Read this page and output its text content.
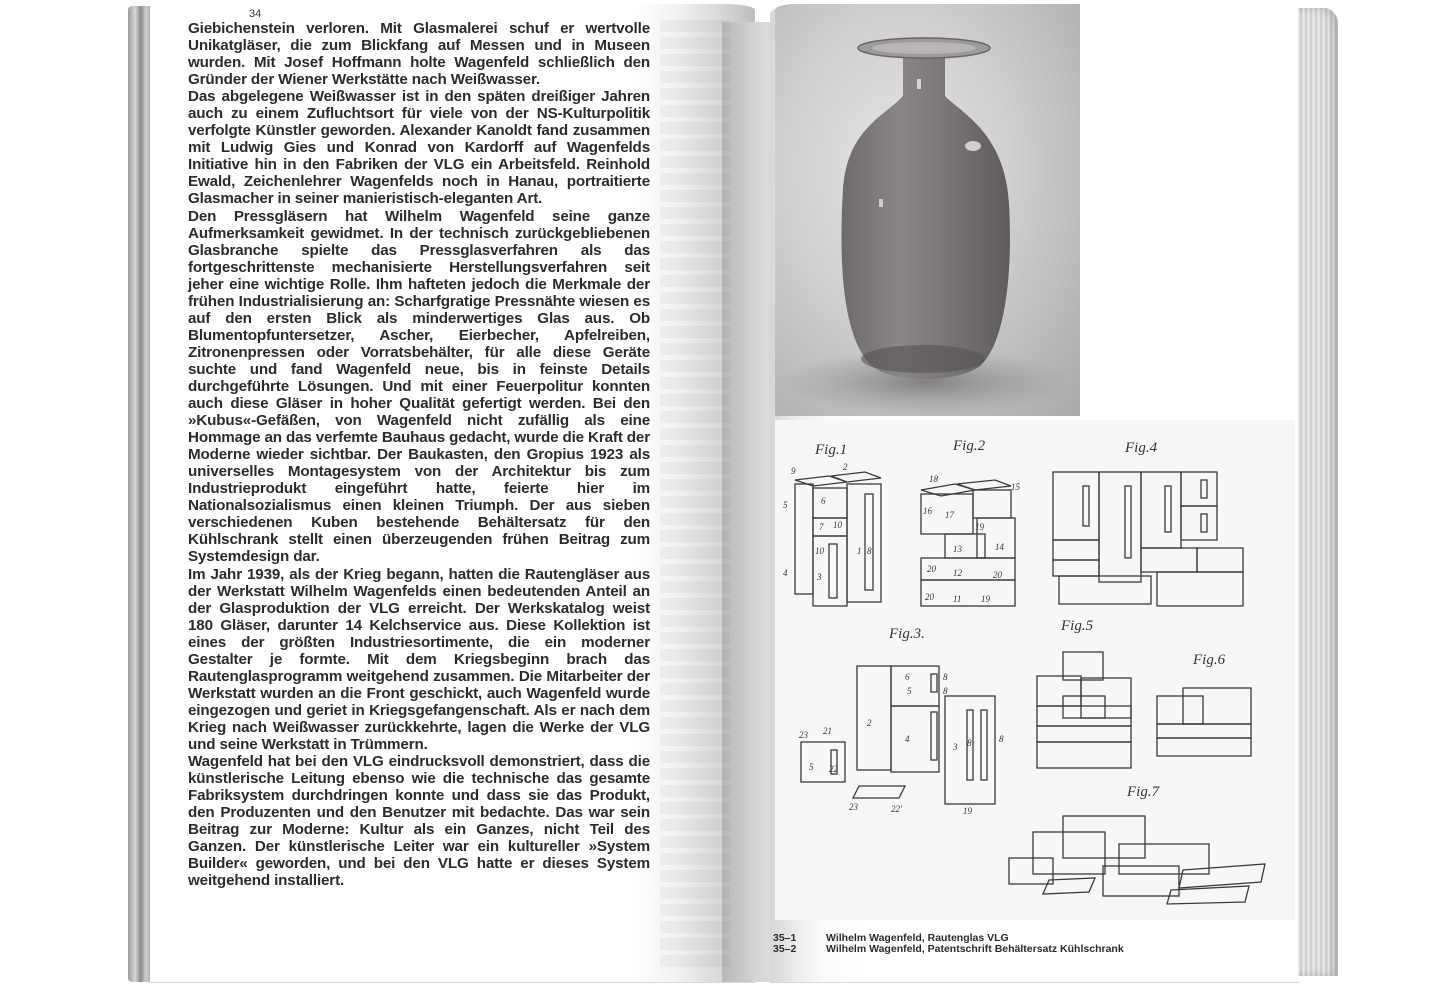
34

Giebichenstein verloren. Mit Glasmalerei schuf er wertvolle Unikatgläser, die zum Blickfang auf Messen und in Museen wurden. Mit Josef Hoffmann holte Wagenfeld schließlich den Gründer der Wiener Werkstätte nach Weißwasser.

Das abgelegene Weißwasser ist in den späten dreißiger Jahren auch zu einem Zufluchtsort für viele von der NS-Kulturpolitik verfolgte Künstler geworden. Alexander Kanoldt fand zusammen mit Ludwig Gies und Konrad von Kardorff auf Wagenfelds Initiative hin in den Fabriken der VLG ein Arbeitsfeld. Reinhold Ewald, Zeichenlehrer Wagenfelds noch in Hanau, portraitierte Glasmacher in seiner manieristisch-eleganten Art.

Den Pressgläsern hat Wilhelm Wagenfeld seine ganze Aufmerksamkeit gewidmet. In der technisch zurückgebliebenen Glasbranche spielte das Pressglasverfahren als das fortgeschrittenste mechanisierte Herstellungsverfahren seit jeher eine wichtige Rolle. Ihm hafteten jedoch die Merkmale der frühen Industrialisierung an: Scharfgratige Pressnähte wiesen es auf den ersten Blick als minderwertiges Glas aus. Ob Blumentopfuntersetzer, Ascher, Eierbecher, Apfelreiben, Zitronenpressen oder Vorratsbehälter, für alle diese Geräte suchte und fand Wagenfeld neue, bis in feinste Details durchgeführte Lösungen. Und mit einer Feuerpolitur konnten auch diese Gläser in hoher Qualität gefertigt werden. Bei den »Kubus«-Gefäßen, von Wagenfeld nicht zufällig als eine Hommage an das verfemte Bauhaus gedacht, wurde die Kraft der Moderne wieder sichtbar. Der Baukasten, den Gropius 1923 als universelles Montagesystem von der Architektur bis zum Industrieprodukt eingeführt hatte, feierte hier im Nationalsozialismus einen kleinen Triumph. Der aus sieben verschiedenen Kuben bestehende Behältersatz für den Kühlschrank stellt einen überzeugenden frühen Beitrag zum Systemdesign dar.

Im Jahr 1939, als der Krieg begann, hatten die Rautengläser aus der Werkstatt Wilhelm Wagenfelds einen bedeutenden Anteil an der Glasproduktion der VLG erreicht. Der Werkskatalog weist 180 Gläser, darunter 14 Kelchservice aus. Diese Kollektion ist eines der größten Industriesortimente, die ein moderner Gestalter je formte. Mit dem Kriegsbeginn brach das Rautenglasprogramm weitgehend zusammen. Die Mitarbeiter der Werkstatt wurden an die Front geschickt, auch Wagenfeld wurde eingezogen und geriet in Kriegsgefangenschaft. Als er nach dem Krieg nach Weißwasser zurückkehrte, lagen die Werke der VLG und seine Werkstatt in Trümmern.

Wagenfeld hat bei den VLG eindrucksvoll demonstriert, dass die künstlerische Leitung ebenso wie die technische das gesamte Fabriksystem durchdringen konnte und dass sie das Produkt, den Produzenten und den Benutzer mit bedachte. Das war sein Beitrag zur Moderne: Kultur als ein Ganzes, nicht Teil des Ganzen. Der künstlerische Leiter war ein kultureller »System Builder« geworden, und bei den VLG hatte er dieses System weitgehend installiert.

Fig.1
9	2
5	6
7 10
10
4	3
1 8
Fig.2
18
15
16 17
19
14
13
20
20
12
20 11 19
Fig.4
Fig.3.
6	8
5	8
2
4
23 21
22
5
3 8	8
23	22'	19
Fig.5
Fig.6
Fig.7
35–1	Wilhelm Wagenfeld, Rautenglas VLG
35–2	Wilhelm Wagenfeld, Patentschrift Behältersatz Kühlschrank
